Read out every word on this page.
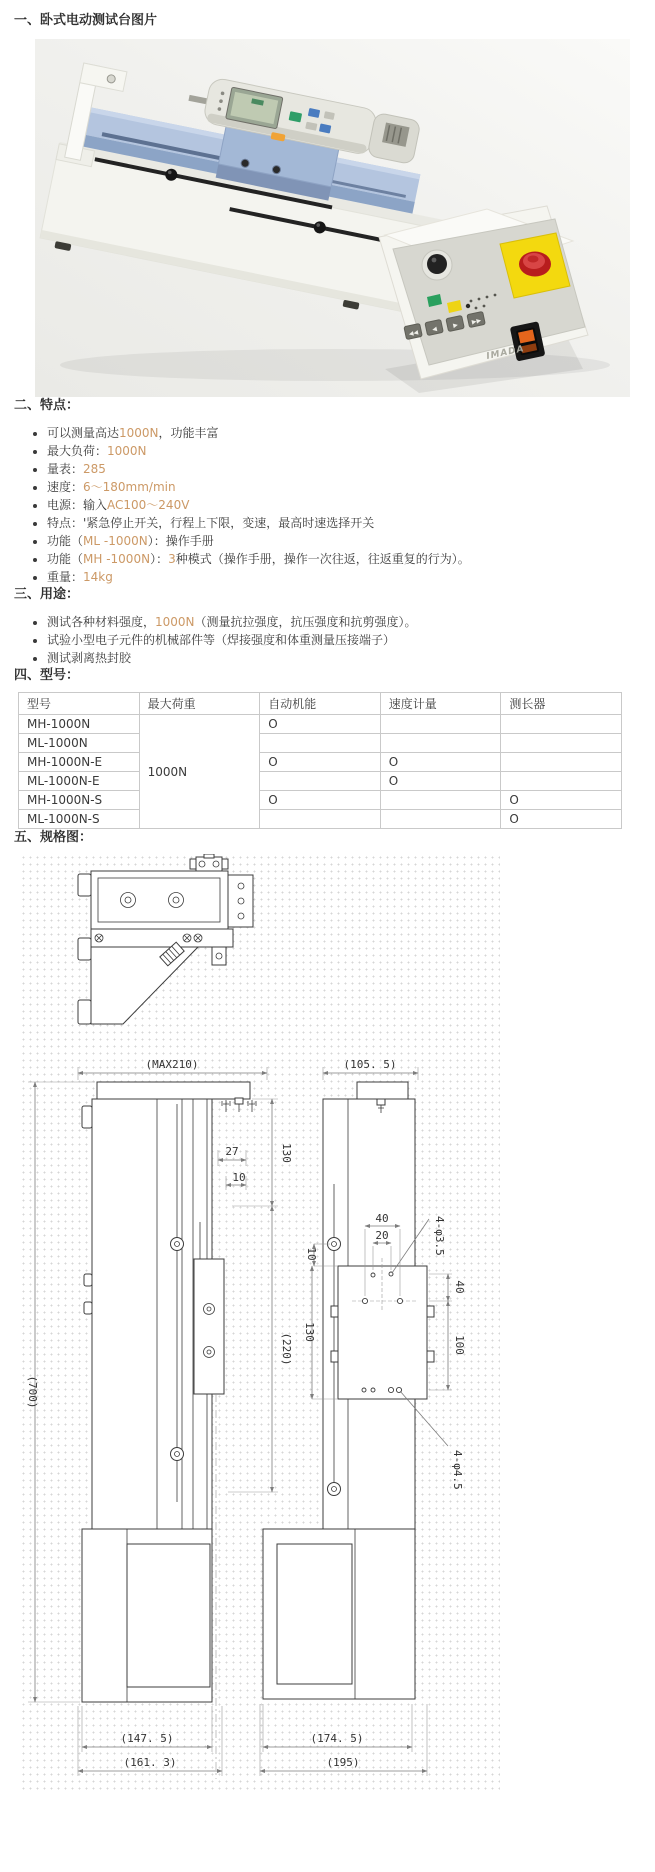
一、卧式电动测试台图片
◀◀ ◀
▶ ▶▶
IMADA
二、特点：
• 可以测量高达1000N，功能丰富
• 最大负荷：1000N
• 量表：285
• 速度：6～180mm/min
• 电源：输入AC100～240V
• 特点：'紧急停止开关，行程上下限，变速，最高时速选择开关
• 功能（ML -1000N）：操作手册
• 功能（MH -1000N）：3种模式（操作手册，操作一次往返，往返重复的行为）。
• 重量：14kg
三、用途：
• 测试各种材料强度，1000N（测量抗拉强度，抗压强度和抗剪强度）。
• 试验小型电子元件的机械部件等（焊接强度和体重测量压接端子）
• 测试剥离热封胶
四、型号：
型号	最大荷重	自动机能	速度计量	测长器
MH-1000N	1000N	O		
ML-1000N				
MH-1000N-E		O	O	
ML-1000N-E			O	
MH-1000N-S		O		O
ML-1000N-S				O
五、规格图：
(MAX210)	(105. 5)
27
10
130
(220)
(700)
(147. 5)
(161. 3)
4-φ3.5
4-φ4.5
40
20
10
130
40
100
(174. 5)
(195)
